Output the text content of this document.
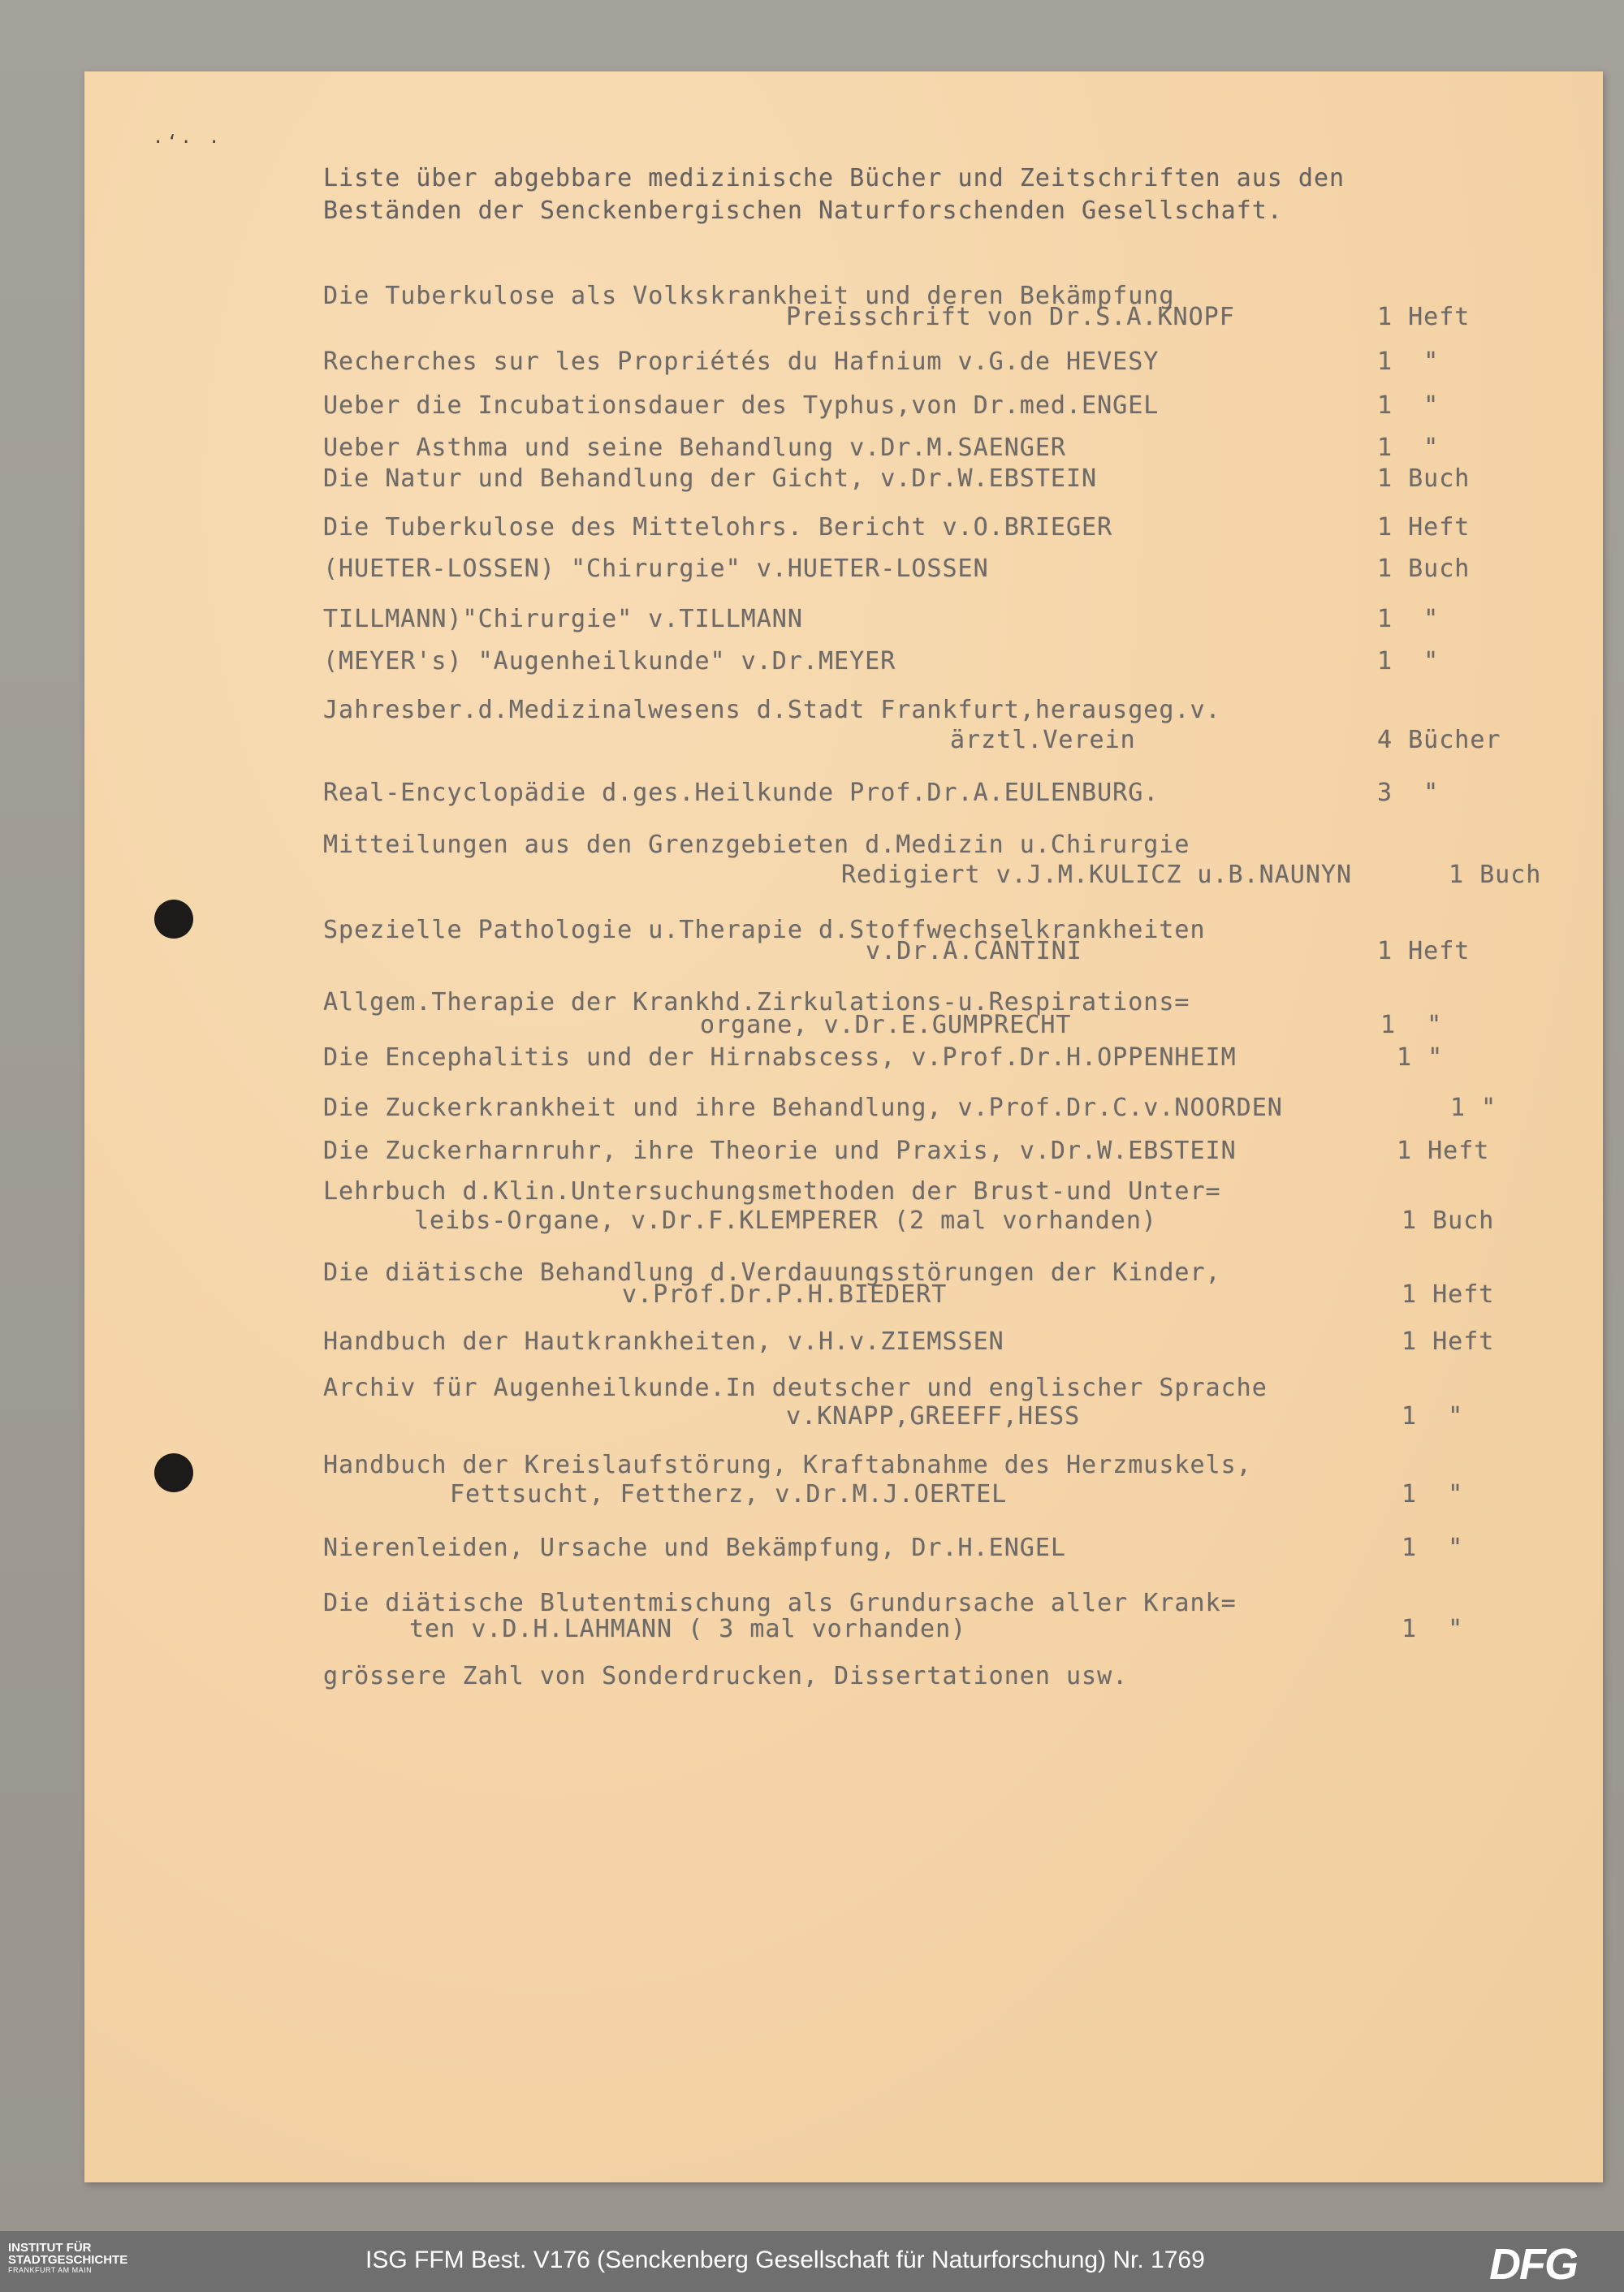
·‘· ·
Liste über abgebbare medizinische Bücher und Zeitschriften aus den
Beständen der Senckenbergischen Naturforschenden Gesellschaft.
Die Tuberkulose als Volkskrankheit und deren Bekämpfung
Preisschrift von Dr.S.A.KNOPF	1 Heft
Recherches sur les Propriétés du Hafnium v.G.de HEVESY	1  "
Ueber die Incubationsdauer des Typhus,von Dr.med.ENGEL	1  "
Ueber Asthma und seine Behandlung v.Dr.M.SAENGER	1  "
Die Natur und Behandlung der Gicht, v.Dr.W.EBSTEIN	1 Buch
Die Tuberkulose des Mittelohrs. Bericht v.O.BRIEGER	1 Heft
(HUETER-LOSSEN) "Chirurgie" v.HUETER-LOSSEN	1 Buch
TILLMANN)"Chirurgie" v.TILLMANN	1  "
(MEYER's) "Augenheilkunde" v.Dr.MEYER	1  "
Jahresber.d.Medizinalwesens d.Stadt Frankfurt,herausgeg.v.
ärztl.Verein	4 Bücher
Real-Encyclopädie d.ges.Heilkunde Prof.Dr.A.EULENBURG.	3  "
Mitteilungen aus den Grenzgebieten d.Medizin u.Chirurgie
Redigiert v.J.M.KULICZ u.B.NAUNYN	1 Buch
Spezielle Pathologie u.Therapie d.Stoffwechselkrankheiten
v.Dr.A.CANTINI	1 Heft
Allgem.Therapie der Krankhd.Zirkulations-u.Respirations=
organe, v.Dr.E.GUMPRECHT	1  "
Die Encephalitis und der Hirnabscess, v.Prof.Dr.H.OPPENHEIM	1 "
Die Zuckerkrankheit und ihre Behandlung, v.Prof.Dr.C.v.NOORDEN	1 "
Die Zuckerharnruhr, ihre Theorie und Praxis, v.Dr.W.EBSTEIN	1 Heft
Lehrbuch d.Klin.Untersuchungsmethoden der Brust-und Unter=
leibs-Organe, v.Dr.F.KLEMPERER (2 mal vorhanden)	1 Buch
Die diätische Behandlung d.Verdauungsstörungen der Kinder,
v.Prof.Dr.P.H.BIEDERT	1 Heft
Handbuch der Hautkrankheiten, v.H.v.ZIEMSSEN	1 Heft
Archiv für Augenheilkunde.In deutscher und englischer Sprache
v.KNAPP,GREEFF,HESS	1  "
Handbuch der Kreislaufstörung, Kraftabnahme des Herzmuskels,
Fettsucht, Fettherz, v.Dr.M.J.OERTEL	1  "
Nierenleiden, Ursache und Bekämpfung, Dr.H.ENGEL	1  "
Die diätische Blutentmischung als Grundursache aller Krank=
ten v.D.H.LAHMANN ( 3 mal vorhanden)	1  "
grössere Zahl von Sonderdrucken, Dissertationen usw.
INSTITUT FÜR
STADTGESCHICHTE
FRANKFURT AM MAIN	ISG FFM Best. V176 (Senckenberg Gesellschaft für Naturforschung) Nr. 1769	DFG
